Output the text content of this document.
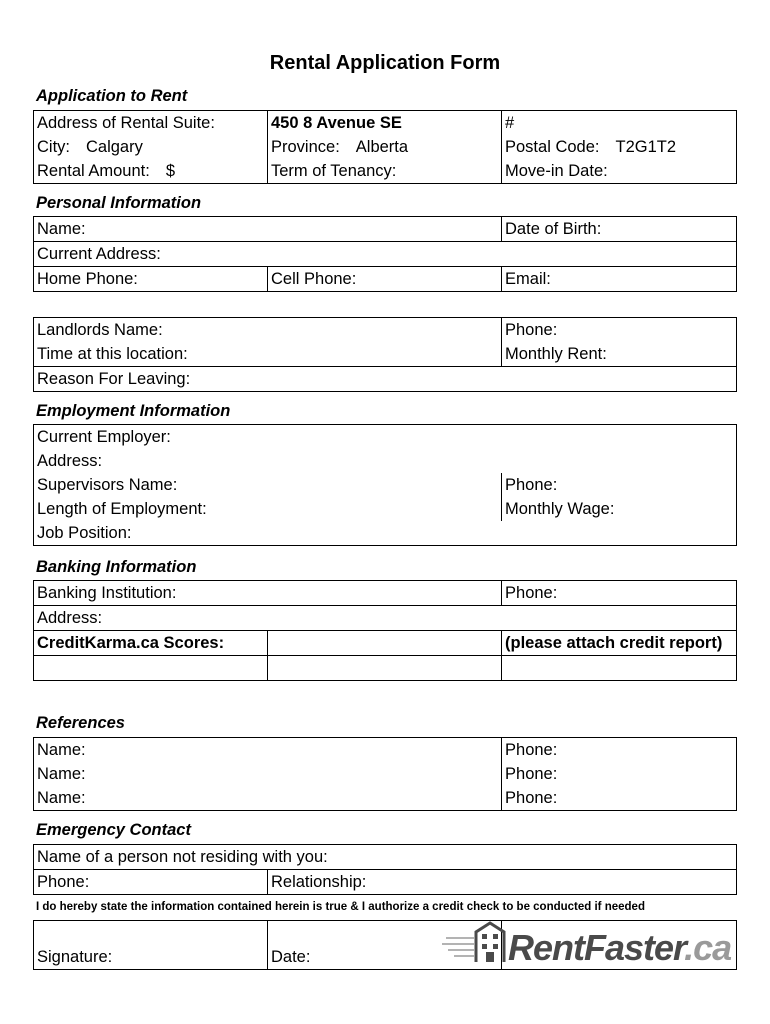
Rental Application Form
Application to Rent
Address of Rental Suite:	450 8 Avenue SE	#
City: Calgary	Province: Alberta	Postal Code: T2G1T2
Rental Amount: $	Term of Tenancy:	Move-in Date:
Personal Information
Name:		Date of Birth:
Current Address:		
Home Phone:	Cell Phone:	Email:
Landlords Name:	Phone:
Time at this location:	Monthly Rent:
Reason For Leaving:	
Employment Information
Current Employer:	
Address:	
Supervisors Name:	Phone:
Length of Employment:	Monthly Wage:
Job Position:	
Banking Information
Banking Institution:		Phone:
Address:		
CreditKarma.ca Scores:		(please attach credit report)

References
Name:	Phone:
Name:	Phone:
Name:	Phone:
Emergency Contact
Name of a person not residing with you:
Phone:	Relationship:
I do hereby state the information contained herein is true & I authorize a credit check to be conducted if needed
Signature:	Date:		RentFaster.ca
